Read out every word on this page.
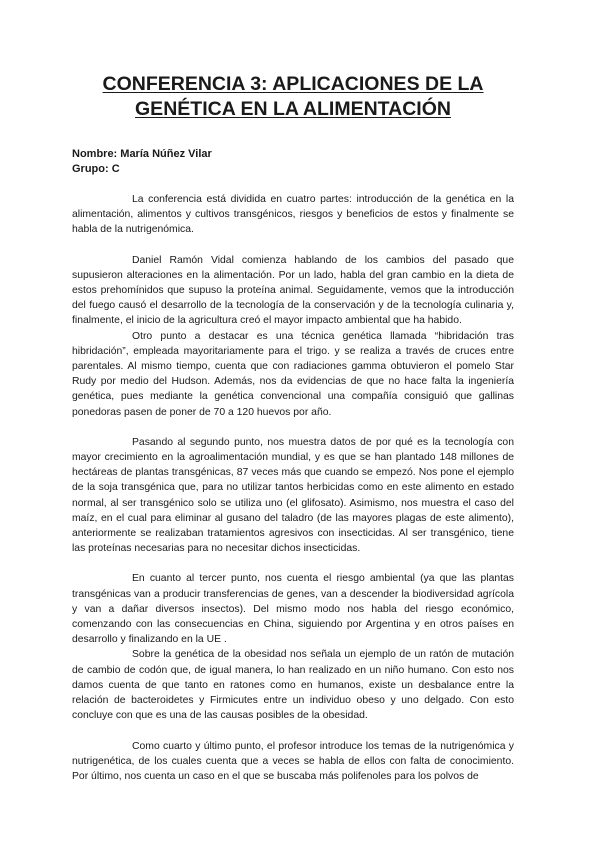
CONFERENCIA 3: APLICACIONES DE LA
GENÉTICA EN LA ALIMENTACIÓN
Nombre: María Núñez Vilar
Grupo: C

La conferencia está dividida en cuatro partes: introducción de la genética en la alimentación, alimentos y cultivos transgénicos, riesgos y beneficios de estos y finalmente se habla de la nutrigenómica.

Daniel Ramón Vidal comienza hablando de los cambios del pasado que supusieron alteraciones en la alimentación. Por un lado, habla del gran cambio en la dieta de estos prehomínidos que supuso la proteína animal. Seguidamente, vemos que la introducción del fuego causó el desarrollo de la tecnología de la conservación y de la tecnología culinaria y, finalmente, el inicio de la agricultura creó el mayor impacto ambiental que ha habido.

Otro punto a destacar es una técnica genética llamada “hibridación tras hibridación”, empleada mayoritariamente para el trigo. y se realiza a través de cruces entre parentales. Al mismo tiempo, cuenta que con radiaciones gamma obtuvieron el pomelo Star Rudy por medio del Hudson. Además, nos da evidencias de que no hace falta la ingeniería genética, pues mediante la genética convencional una compañía consiguió que gallinas ponedoras pasen de poner de 70 a 120 huevos por año.

Pasando al segundo punto, nos muestra datos de por qué es la tecnología con mayor crecimiento en la agroalimentación mundial, y es que se han plantado 148 millones de hectáreas de plantas transgénicas, 87 veces más que cuando se empezó. Nos pone el ejemplo de la soja transgénica que, para no utilizar tantos herbicidas como en este alimento en estado normal, al ser transgénico solo se utiliza uno (el glifosato). Asimismo, nos muestra el caso del maíz, en el cual para eliminar al gusano del taladro (de las mayores plagas de este alimento), anteriormente se realizaban tratamientos agresivos con insecticidas. Al ser transgénico, tiene las proteínas necesarias para no necesitar dichos insecticidas.

En cuanto al tercer punto, nos cuenta el riesgo ambiental (ya que las plantas transgénicas van a producir transferencias de genes, van a descender la biodiversidad agrícola y van a dañar diversos insectos). Del mismo modo nos habla del riesgo económico, comenzando con las consecuencias en China, siguiendo por Argentina y en otros países en desarrollo y finalizando en la UE .

Sobre la genética de la obesidad nos señala un ejemplo de un ratón de mutación de cambio de codón que, de igual manera, lo han realizado en un niño humano. Con esto nos damos cuenta de que tanto en ratones como en humanos, existe un desbalance entre la relación de bacteroidetes y Firmicutes entre un individuo obeso y uno delgado. Con esto concluye con que es una de las causas posibles de la obesidad.

Como cuarto y último punto, el profesor introduce los temas de la nutrigenómica y nutrigenética, de los cuales cuenta que a veces se habla de ellos con falta de conocimiento. Por último, nos cuenta un caso en el que se buscaba más polifenoles para los polvos de
